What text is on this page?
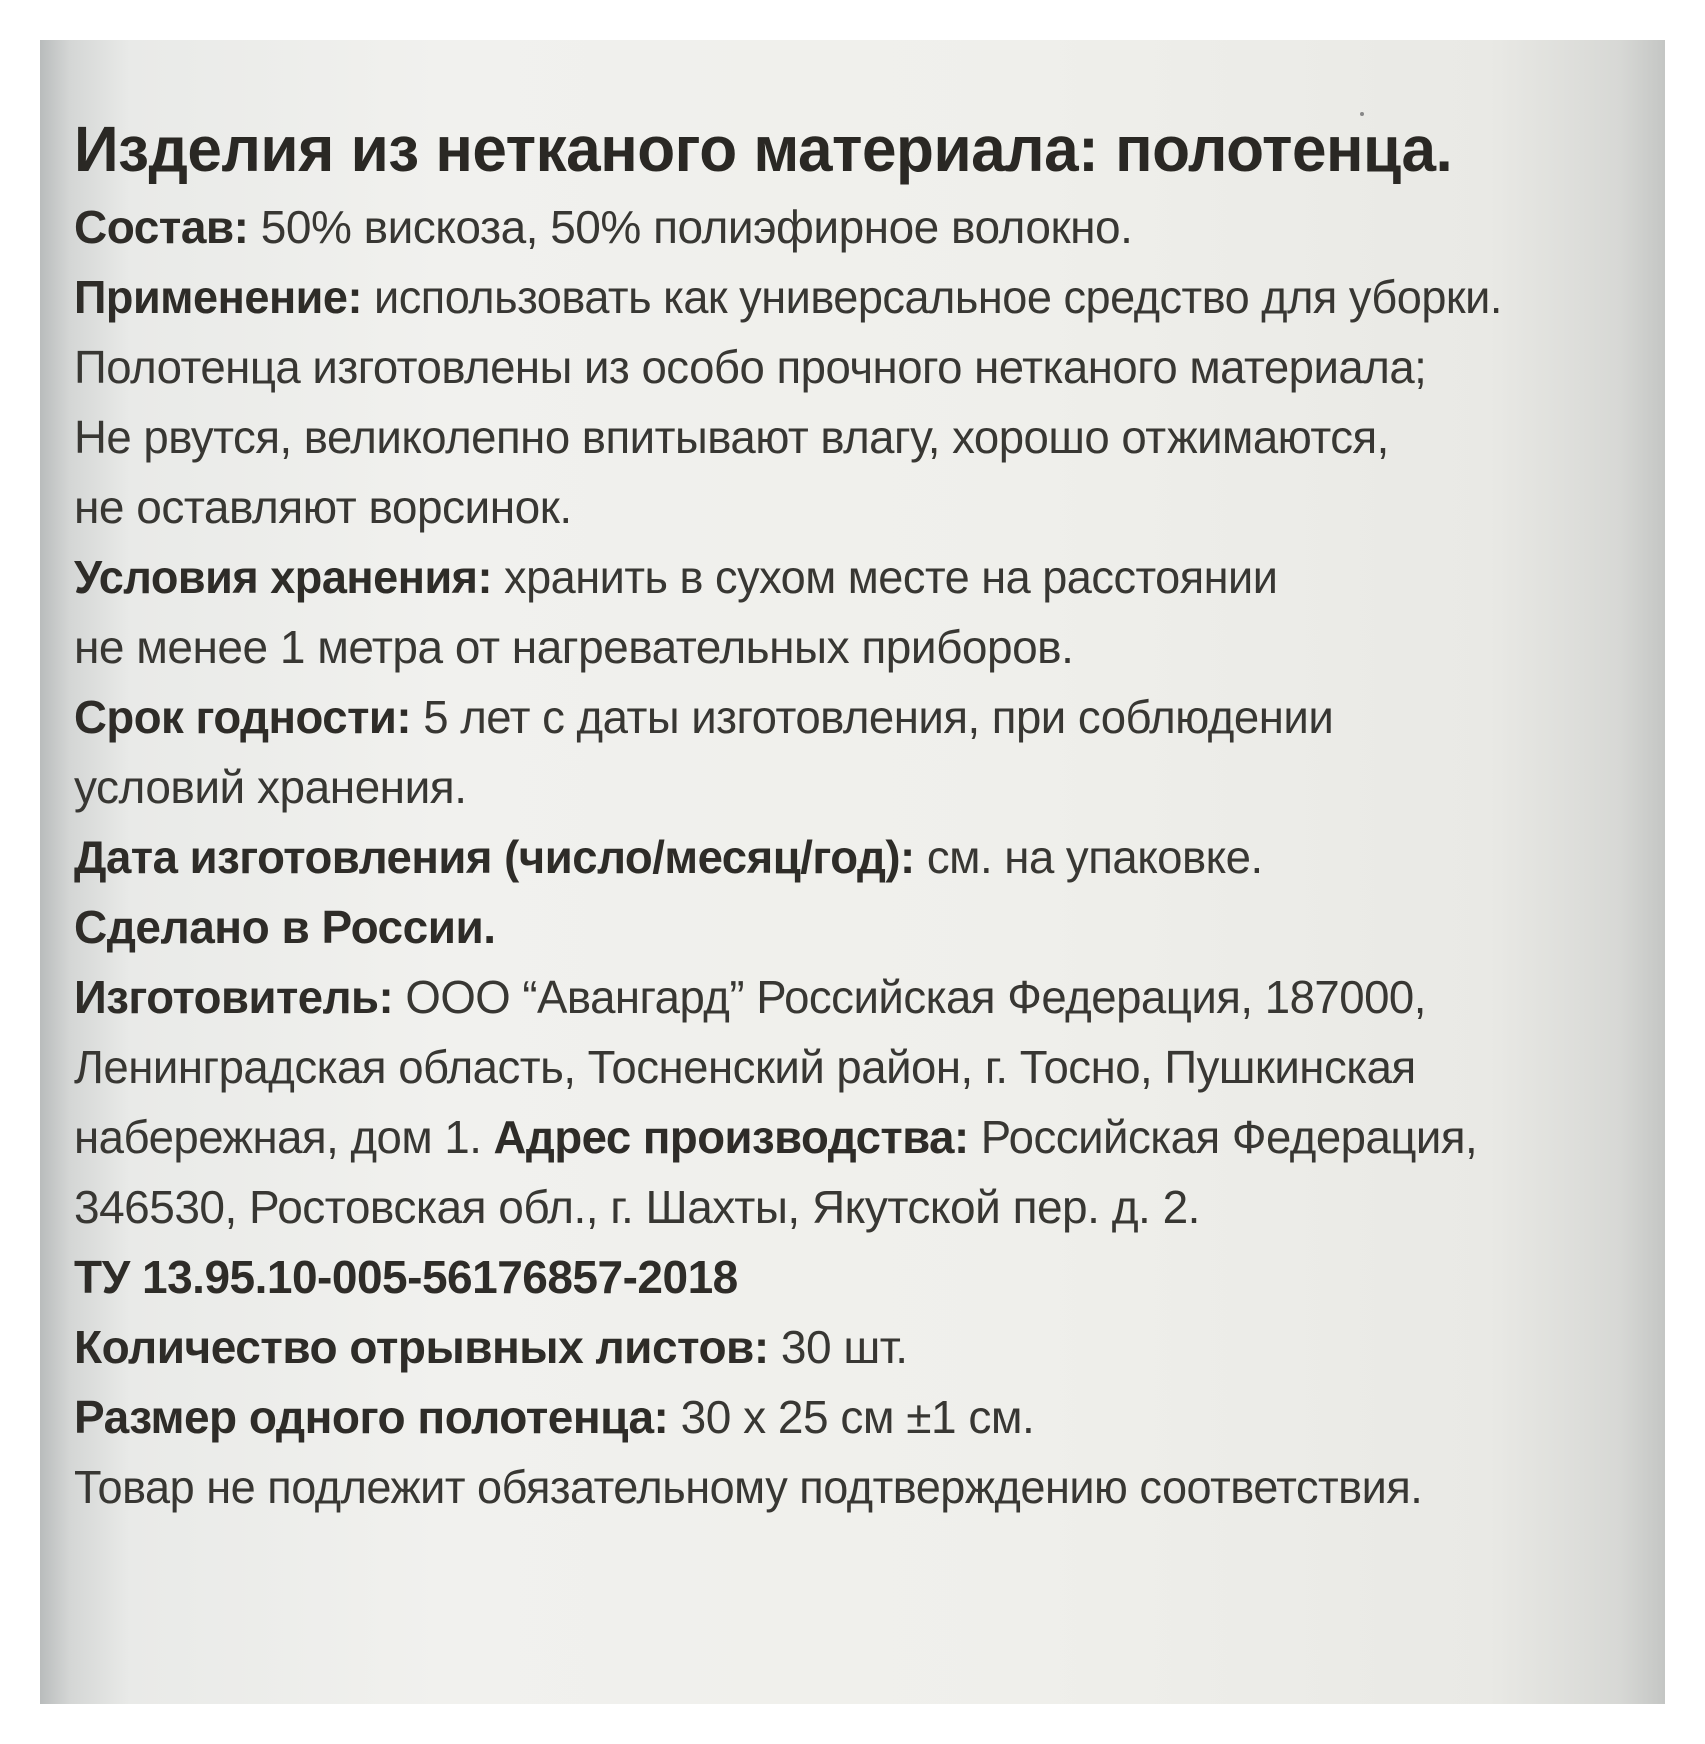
Изделия из нетканого материала: полотенца.
Состав: 50% вискоза, 50% полиэфирное волокно.
Применение: использовать как универсальное средство для уборки.
Полотенца изготовлены из особо прочного нетканого материала;
Не рвутся, великолепно впитывают влагу, хорошо отжимаются,
не оставляют ворсинок.
Условия хранения: хранить в сухом месте на расстоянии
не менее 1 метра от нагревательных приборов.
Срок годности: 5 лет с даты изготовления, при соблюдении
условий хранения.
Дата изготовления (число/месяц/год): см. на упаковке.
Сделано в России.
Изготовитель: ООО “Авангард” Российская Федерация, 187000,
Ленинградская область, Тосненский район, г. Тосно, Пушкинская
набережная, дом 1. Адрес производства: Российская Федерация,
346530, Ростовская обл., г. Шахты, Якутской пер. д. 2.
ТУ 13.95.10-005-56176857-2018
Количество отрывных листов: 30 шт.
Размер одного полотенца: 30 х 25 см ±1 см.
Товар не подлежит обязательному подтверждению соответствия.
